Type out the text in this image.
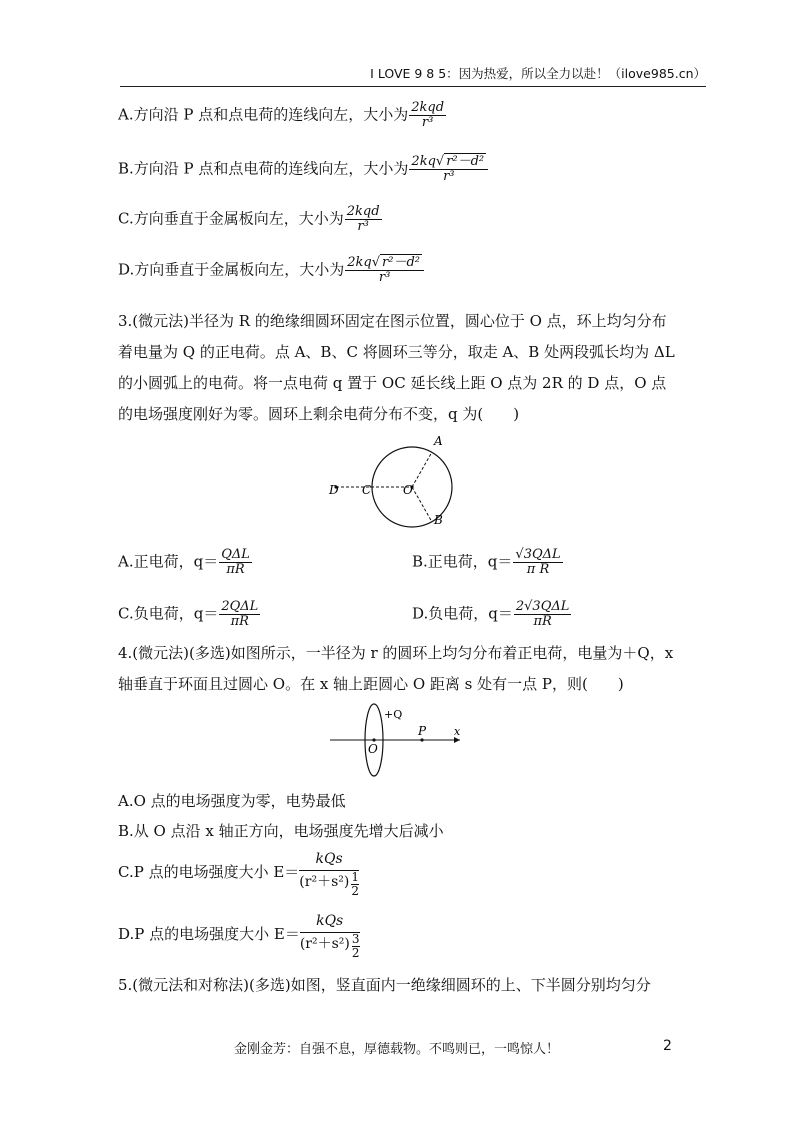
I LOVE 9 8 5：因为热爱，所以全力以赴！（ilove985.cn）
A.方向沿 P 点和点电荷的连线向左，大小为 $\frac{\text{2kqd}}{\text{r³}}$
B.方向沿 P 点和点电荷的连线向左，大小为 $\frac{\text{2kq√ r²－d²}}{\text{r³}}$
C.方向垂直于金属板向左，大小为 $\frac{\text{2kqd}}{\text{r³}}$
D.方向垂直于金属板向左，大小为 $\frac{\text{2kq√ r²－d²}}{\text{r³}}$
3.(微元法)半径为 R 的绝缘细圆环固定在图示位置，圆心位于 O 点，环上均匀分布着电量为 Q 的正电荷。点 A、B、C 将圆环三等分，取走 A、B 处两段弧长均为 ΔL 的小圆弧上的电荷。将一点电荷 q 置于 OC 延长线上距 O 点为 2R 的 D 点，O 点的电场强度刚好为零。圆环上剩余电荷分布不变，q 为(　　)
A
B
C
D	O
A.正电荷，$q= \frac{\text{QΔL}}{\pi R}$	B.正电荷，$q= \frac{\text{√3QΔL}}{\text{π R}}$
C.负电荷，$q= \frac{\text{2QΔL}}{\pi R}$	D.负电荷，$q= \frac{\text{2√3QΔL}}{\pi R}$
4.(微元法)(多选)如图所示，一半径为 r 的圆环上均匀分布着正电荷，电量为＋Q，x 轴垂直于环面且过圆心 O。在 x 轴上距圆心 O 距离 s 处有一点 P，则(　　)
+Q
O
P	x
A.O 点的电场强度为零，电势最低
B.从 O 点沿 x 轴正方向，电场强度先增大后减小
C.P 点的电场强度大小 $E= \frac{\text{kQs}}{(r^2+s^2) \frac{1}{2}}$
D.P 点的电场强度大小 $E= \frac{\text{kQs}}{(r^2+s^2) \frac{3}{2}}$
5.(微元法和对称法)(多选)如图，竖直面内一绝缘细圆环的上、下半圆分别均匀分
金刚金芳：自强不息，厚德载物。不鸣则已，一鸣惊人！	2
